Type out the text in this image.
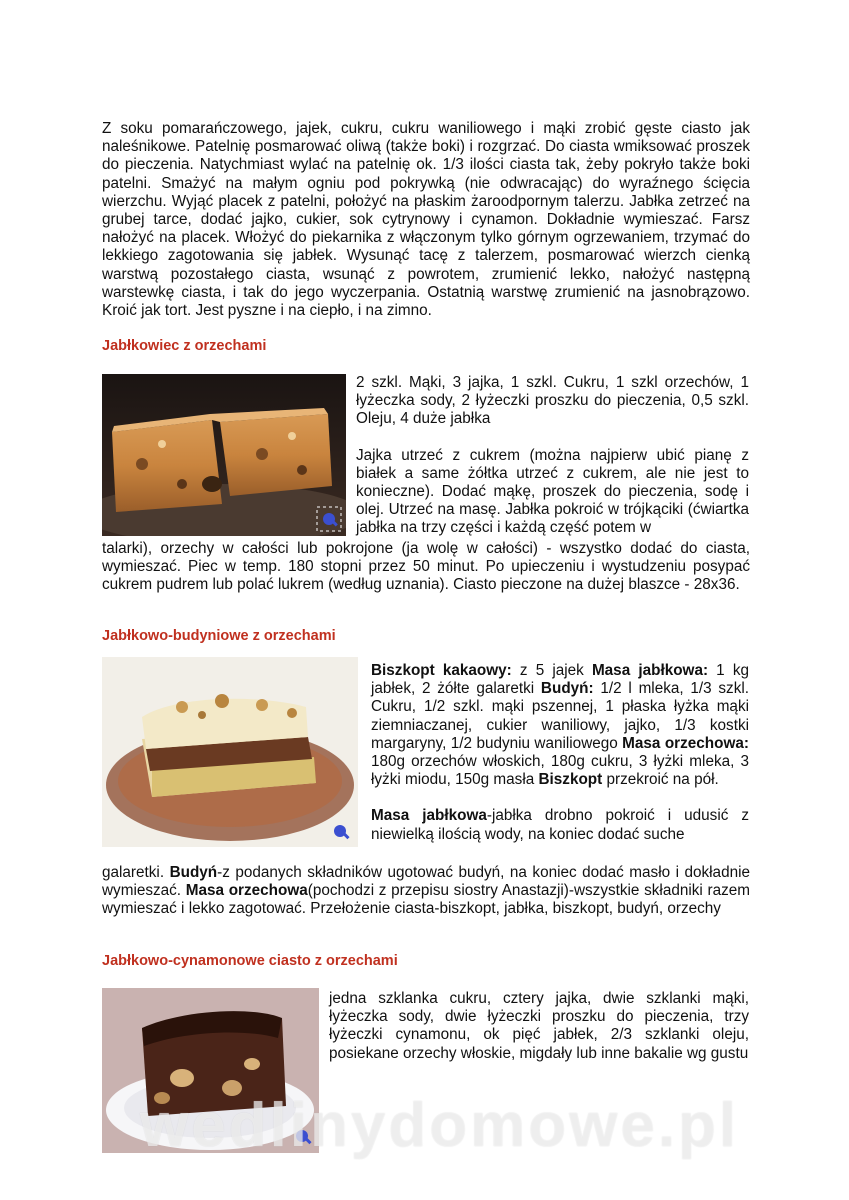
Z soku pomarańczowego, jajek, cukru, cukru waniliowego i mąki zrobić gęste ciasto jak naleśnikowe. Patelnię posmarować oliwą (także boki) i rozgrzać. Do ciasta wmiksować proszek do pieczenia. Natychmiast wylać na patelnię ok. 1/3 ilości ciasta tak, żeby pokryło także boki patelni. Smażyć na małym ogniu pod pokrywką (nie odwracając) do wyraźnego ścięcia wierzchu. Wyjąć placek z patelni, położyć na płaskim żaroodpornym talerzu. Jabłka zetrzeć na grubej tarce, dodać jajko, cukier, sok cytrynowy i cynamon. Dokładnie wymieszać. Farsz nałożyć na placek. Włożyć do piekarnika z włączonym tylko górnym ogrzewaniem, trzymać do lekkiego zagotowania się jabłek. Wysunąć tacę z talerzem, posmarować wierzch cienką warstwą pozostałego ciasta, wsunąć z powrotem, zrumienić lekko, nałożyć następną warstewkę ciasta, i tak do jego wyczerpania. Ostatnią warstwę zrumienić na jasnobrązowo. Kroić jak tort. Jest pyszne i na ciepło, i na zimno.

Jabłkowiec z orzechami

2 szkl. Mąki, 3 jajka, 1 szkl. Cukru, 1 szkl orzechów, 1 łyżeczka sody, 2 łyżeczki proszku do pieczenia, 0,5 szkl. Oleju, 4 duże jabłka

Jajka utrzeć z cukrem (można najpierw ubić pianę z białek a same żółtka utrzeć z cukrem, ale nie jest to konieczne). Dodać mąkę, proszek do pieczenia, sodę i olej. Utrzeć na masę. Jabłka pokroić w trójkąciki (ćwiartka jabłka na trzy części i każdą część potem w

talarki), orzechy w całości lub pokrojone (ja wolę w całości) - wszystko dodać do ciasta, wymieszać. Piec w temp. 180 stopni przez 50 minut. Po upieczeniu i wystudzeniu posypać cukrem pudrem lub polać lukrem (według uznania). Ciasto pieczone na dużej blaszce - 28x36.

Jabłkowo-budyniowe z orzechami

Biszkopt kakaowy: z 5 jajek Masa jabłkowa: 1 kg jabłek, 2 żółte galaretki Budyń: 1/2 l mleka, 1/3 szkl. Cukru, 1/2 szkl. mąki pszennej, 1 płaska łyżka mąki ziemniaczanej, cukier waniliowy, jajko, 1/3 kostki margaryny, 1/2 budyniu waniliowego Masa orzechowa: 180g orzechów włoskich, 180g cukru, 3 łyżki mleka, 3 łyżki miodu, 150g masła Biszkopt przekroić na pół.

Masa jabłkowa-jabłka drobno pokroić i udusić z niewielką ilością wody, na koniec dodać suche

galaretki. Budyń-z podanych składników ugotować budyń, na koniec dodać masło i dokładnie wymieszać. Masa orzechowa(pochodzi z przepisu siostry Anastazji)-wszystkie składniki razem wymieszać i lekko zagotować. Przełożenie ciasta-biszkopt, jabłka, biszkopt, budyń, orzechy

Jabłkowo-cynamonowe ciasto z orzechami

jedna szklanka cukru, cztery jajka, dwie szklanki mąki, łyżeczka sody, dwie łyżeczki proszku do pieczenia, trzy łyżeczki cynamonu, ok pięć jabłek, 2/3 szklanki oleju, posiekane orzechy włoskie, migdały lub inne bakalie wg gustu

wedlinydomowe.pl
